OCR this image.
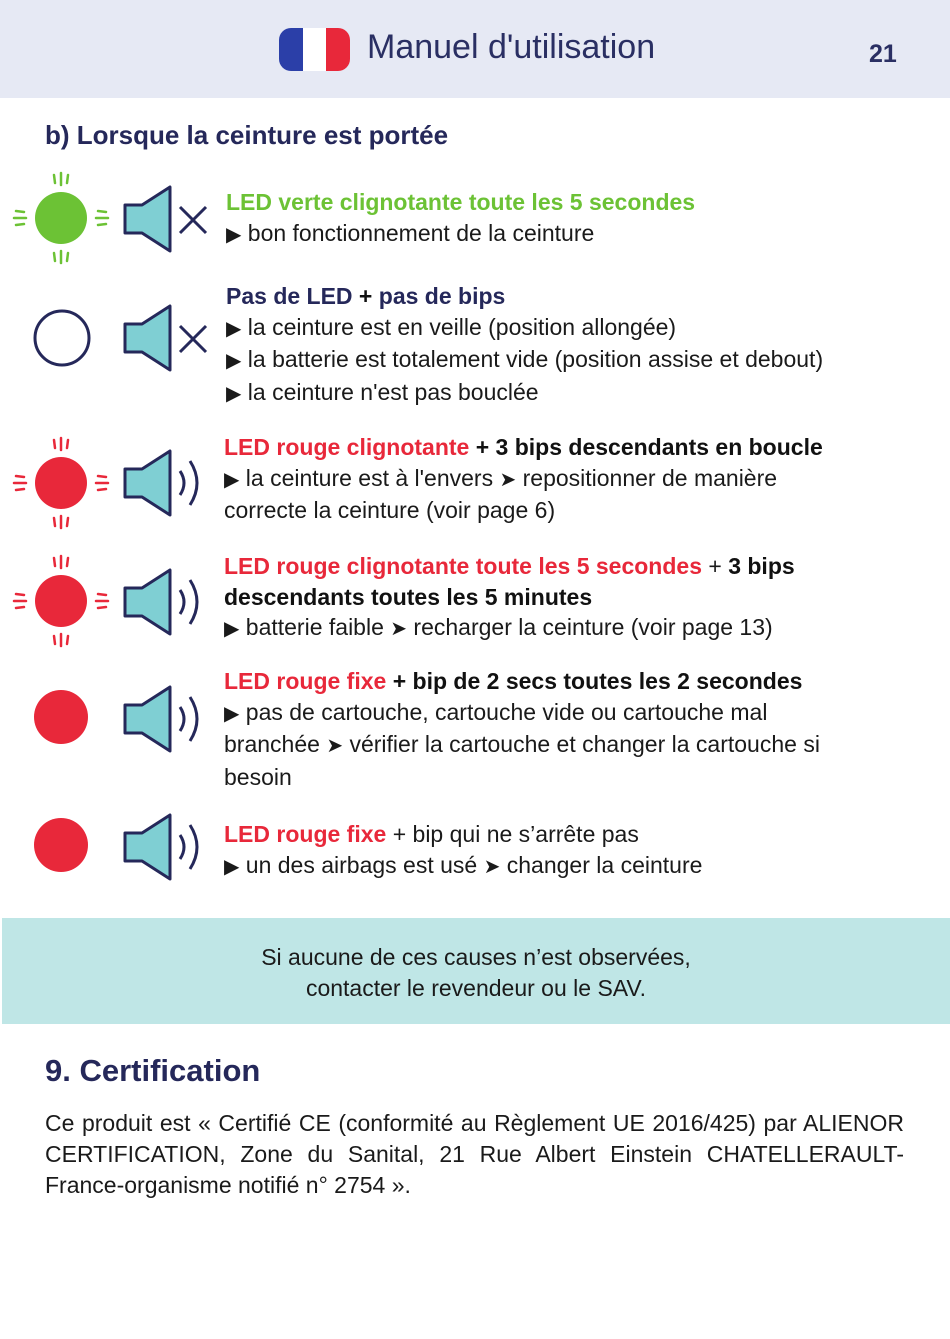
Manuel d'utilisation	21
b) Lorsque la ceinture est portée
LED verte clignotante toute les 5 secondes
▶ bon fonctionnement de la ceinture
Pas de LED + pas de bips
▶ la ceinture est en veille (position allongée)
▶ la batterie est totalement vide (position assise et debout)
▶ la ceinture n'est pas bouclée
LED rouge clignotante + 3 bips descendants en boucle
▶ la ceinture est à l'envers ➤ repositionner de manière
correcte la ceinture (voir page 6)
LED rouge clignotante toute les 5 secondes + 3 bips
descendants toutes les 5 minutes
▶ batterie faible ➤ recharger la ceinture (voir page 13)
LED rouge fixe + bip de 2 secs toutes les 2 secondes
▶ pas de cartouche, cartouche vide ou cartouche mal
branchée ➤ vérifier la cartouche et changer la cartouche si
besoin
LED rouge fixe + bip qui ne s’arrête pas
▶ un des airbags est usé ➤ changer la ceinture
Si aucune de ces causes n’est observées,
contacter le revendeur ou le SAV.
9. Certification
Ce produit est « Certifié CE (conformité au Règlement UE 2016/425) par ALIENOR CERTIFICATION, Zone du Sanital, 21 Rue Albert Einstein CHATELLERAULT-France-organisme notifié n° 2754 ».
